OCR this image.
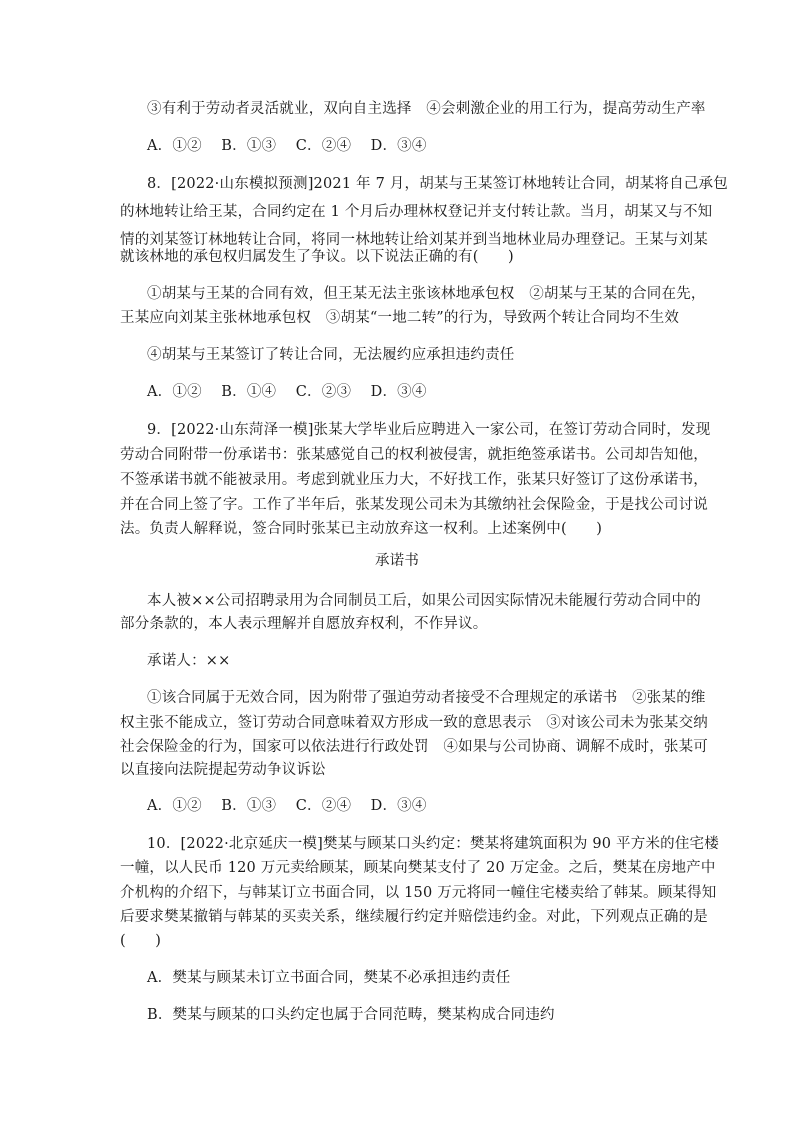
③有利于劳动者灵活就业，双向自主选择　④会刺激企业的用工行为，提高劳动生产率
A．①②　 B．①③　 C．②④　 D．③④
8．[2022·山东模拟预测]2021 年 7 月，胡某与王某签订林地转让合同，胡某将自己承包
的林地转让给王某，合同约定在 1 个月后办理林权登记并支付转让款。当月，胡某又与不知
情的刘某签订林地转让合同，将同一林地转让给刘某并到当地林业局办理登记。王某与刘某
就该林地的承包权归属发生了争议。以下说法正确的有(　　)
①胡某与王某的合同有效，但王某无法主张该林地承包权　②胡某与王某的合同在先，
王某应向刘某主张林地承包权　③胡某“一地二转”的行为，导致两个转让合同均不生效
④胡某与王某签订了转让合同，无法履约应承担违约责任
A．①②　 B．①④　 C．②③　 D．③④
9．[2022·山东菏泽一模]张某大学毕业后应聘进入一家公司，在签订劳动合同时，发现
劳动合同附带一份承诺书：张某感觉自己的权利被侵害，就拒绝签承诺书。公司却告知他，
不签承诺书就不能被录用。考虑到就业压力大，不好找工作，张某只好签订了这份承诺书，
并在合同上签了字。工作了半年后，张某发现公司未为其缴纳社会保险金，于是找公司讨说
法。负责人解释说，签合同时张某已主动放弃这一权利。上述案例中(　　)
承诺书
本人被××公司招聘录用为合同制员工后，如果公司因实际情况未能履行劳动合同中的
部分条款的，本人表示理解并自愿放弃权利，不作异议。
承诺人：××
①该合同属于无效合同，因为附带了强迫劳动者接受不合理规定的承诺书　②张某的维
权主张不能成立，签订劳动合同意味着双方形成一致的意思表示　③对该公司未为张某交纳
社会保险金的行为，国家可以依法进行行政处罚　④如果与公司协商、调解不成时，张某可
以直接向法院提起劳动争议诉讼
A．①②　 B．①③　 C．②④　 D．③④
10．[2022·北京延庆一模]樊某与顾某口头约定：樊某将建筑面积为 90 平方米的住宅楼
一幢，以人民币 120 万元卖给顾某，顾某向樊某支付了 20 万定金。之后，樊某在房地产中
介机构的介绍下，与韩某订立书面合同，以 150 万元将同一幢住宅楼卖给了韩某。顾某得知
后要求樊某撤销与韩某的买卖关系，继续履行约定并赔偿违约金。对此，下列观点正确的是
(　　)
A．樊某与顾某未订立书面合同，樊某不必承担违约责任
B．樊某与顾某的口头约定也属于合同范畴，樊某构成合同违约
